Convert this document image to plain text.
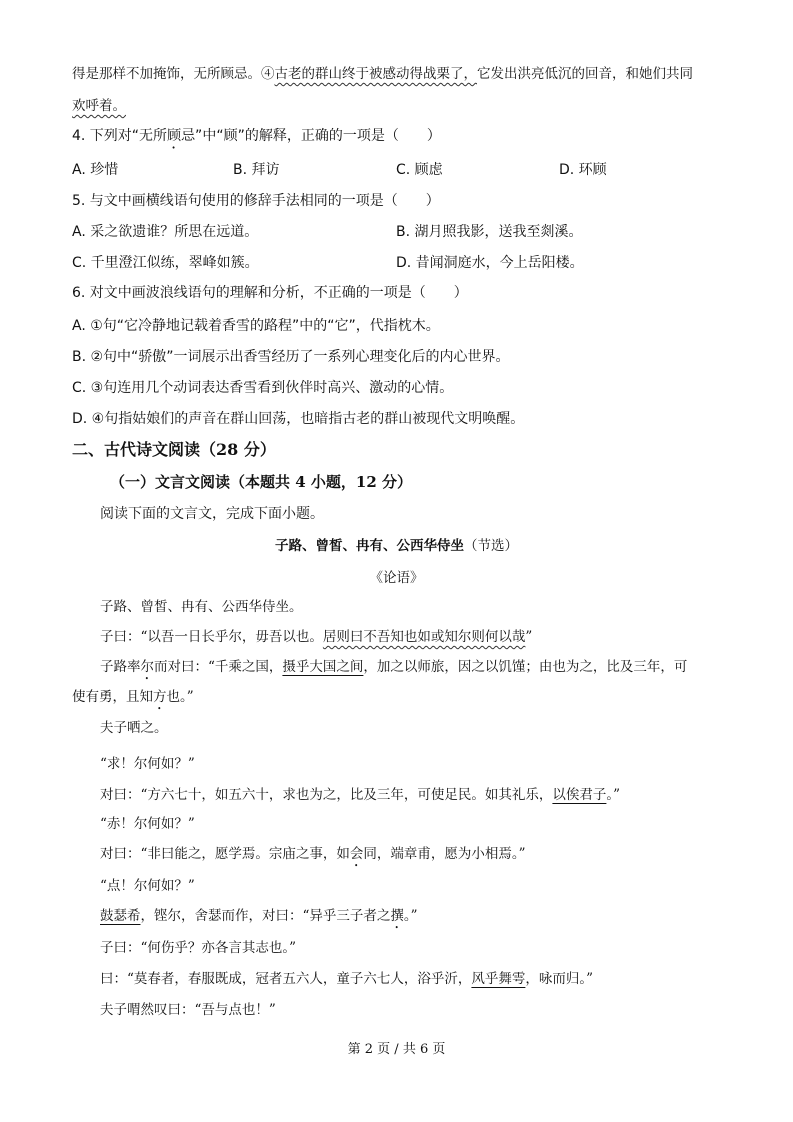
得是那样不加掩饰，无所顾忌。④古老的群山终于被感动得战栗了，它发出洪亮低沉的回音，和她们共同
欢呼着。
4. 下列对“无所顾忌”中“顾”的解释，正确的一项是（　　）
A. 珍惜	B. 拜访	C. 顾虑	D. 环顾
5. 与文中画横线语句使用的修辞手法相同的一项是（　　）
A. 采之欲遗谁？所思在远道。	B. 湖月照我影，送我至剡溪。
C. 千里澄江似练，翠峰如簇。	D. 昔闻洞庭水，今上岳阳楼。
6. 对文中画波浪线语句的理解和分析，不正确的一项是（　　）
A. ①句“它冷静地记载着香雪的路程”中的“它”，代指枕木。
B. ②句中“骄傲”一词展示出香雪经历了一系列心理变化后的内心世界。
C. ③句连用几个动词表达香雪看到伙伴时高兴、激动的心情。
D. ④句指姑娘们的声音在群山回荡，也暗指古老的群山被现代文明唤醒。
二、古代诗文阅读（28 分）
（一）文言文阅读（本题共 4 小题，12 分）
阅读下面的文言文，完成下面小题。
子路、曾皙、冉有、公西华侍坐（节选）
《论语》
子路、曾皙、冉有、公西华侍坐。
子曰：“以吾一日长乎尔，毋吾以也。居则曰不吾知也如或知尔则何以哉”
子路率尔而对曰：“千乘之国，摄乎大国之间，加之以师旅，因之以饥馑；由也为之，比及三年，可
使有勇，且知方也。”
夫子哂之。
“求！尔何如？”
对曰：“方六七十，如五六十，求也为之，比及三年，可使足民。如其礼乐，以俟君子。”
“赤！尔何如？”
对曰：“非曰能之，愿学焉。宗庙之事，如会同，端章甫，愿为小相焉。”
“点！尔何如？”
鼓瑟希，铿尔，舍瑟而作，对曰：“异乎三子者之撰。”
子曰：“何伤乎？亦各言其志也。”
曰：“莫春者，春服既成，冠者五六人，童子六七人，浴乎沂，风乎舞雩，咏而归。”
夫子喟然叹曰：“吾与点也！”
第 2 页 / 共 6 页
